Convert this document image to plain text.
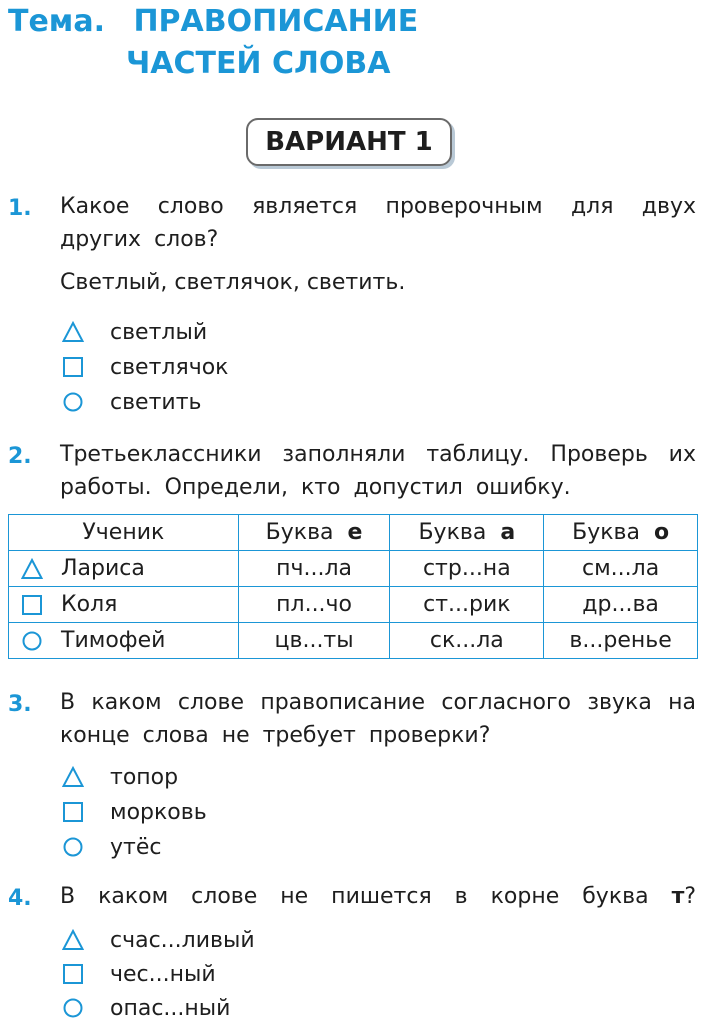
Тема. ПРАВОПИСАНИЕ
ЧАСТЕЙ СЛОВА
ВАРИАНТ 1
1. Какое слово является проверочным для двух других слов?
Светлый, светлячок, светить.
светлый
светлячок
светить
2. Третьеклассники заполняли таблицу. Проверь их работы. Определи, кто допустил ошибку.
Ученик	Буква е	Буква а	Буква о

Лариса	пч...ла	стр...на	см...ла

Коля	пл...чо	ст...рик	др...ва

Тимофей	цв...ты	ск...ла	в...ренье
3. В каком слове правописание согласного звука на конце слова не требует проверки?
топор
морковь
утёс
4. В каком слове не пишется в корне буква т?
счас...ливый
чес...ный
опас...ный
